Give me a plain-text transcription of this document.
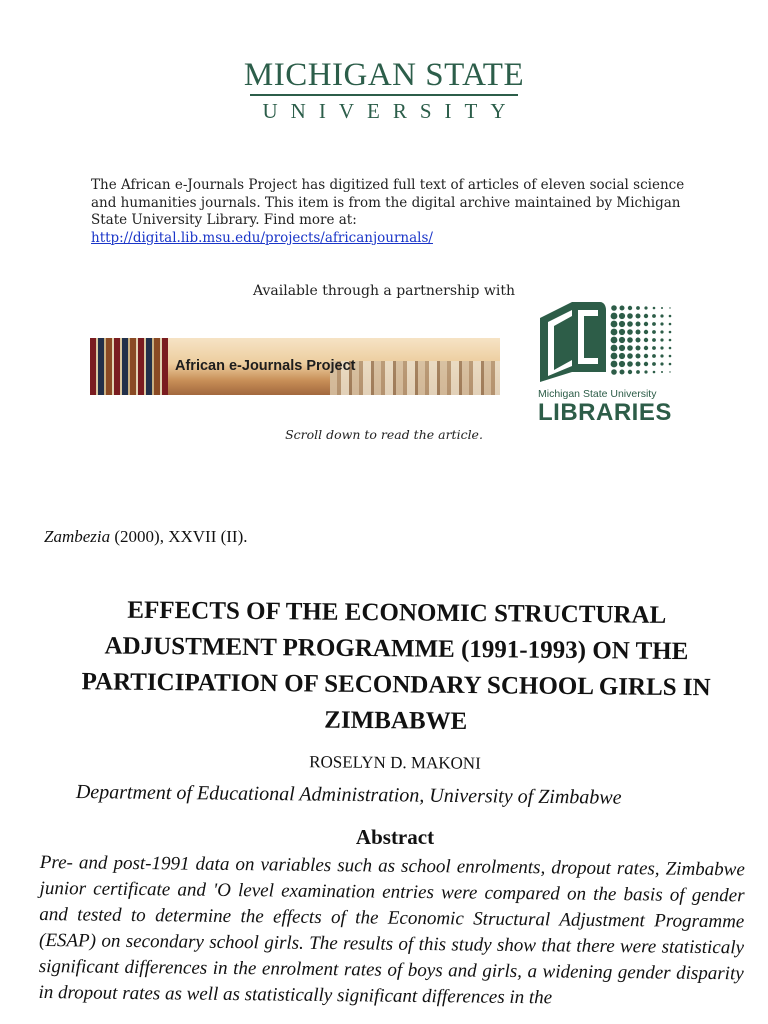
MICHIGAN STATE
UNIVERSITY
The African e-Journals Project has digitized full text of articles of eleven social science and humanities journals. This item is from the digital archive maintained by Michigan State University Library. Find more at:
http://digital.lib.msu.edu/projects/africanjournals/
Available through a partnership with
African e-Journals Project
Michigan State University
LIBRARIES
Scroll down to read the article.
Zambezia (2000), XXVII (II).
EFFECTS OF THE ECONOMIC STRUCTURAL ADJUSTMENT PROGRAMME (1991-1993) ON THE PARTICIPATION OF SECONDARY SCHOOL GIRLS IN ZIMBABWE
ROSELYN D. MAKONI
Department of Educational Administration, University of Zimbabwe
Abstract
Pre- and post-1991 data on variables such as school enrolments, dropout rates, Zimbabwe junior certificate and 'O level examination entries were compared on the basis of gender and tested to determine the effects of the Economic Structural Adjustment Programme (ESAP) on secondary school girls. The results of this study show that there were statisticaly significant differences in the enrolment rates of boys and girls, a widening gender disparity in dropout rates as well as statistically significant differences in the
